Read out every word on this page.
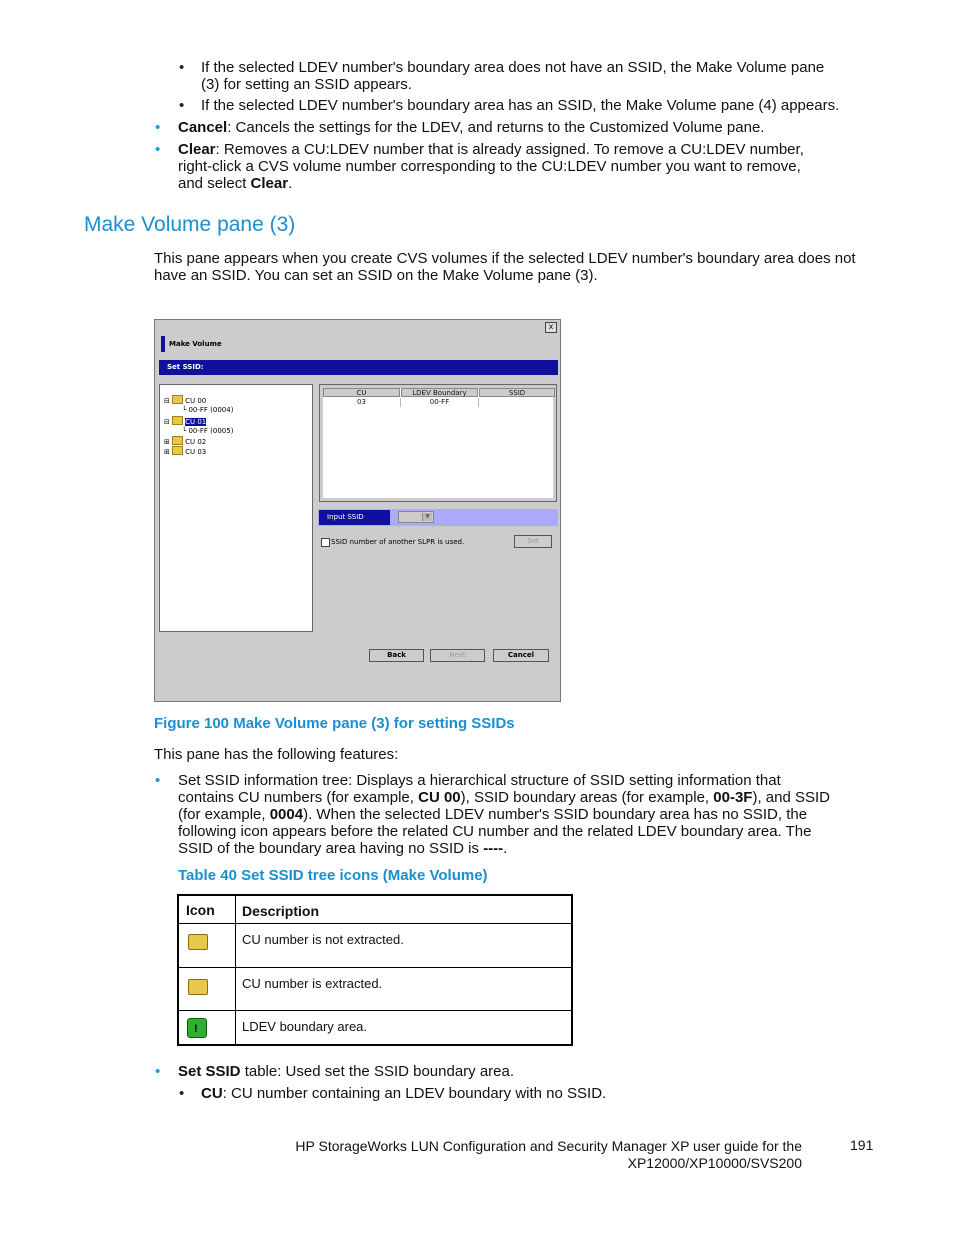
• If the selected LDEV number's boundary area does not have an SSID, the Make Volume pane
(3) for setting an SSID appears.
• If the selected LDEV number's boundary area has an SSID, the Make Volume pane (4) appears.
• Cancel: Cancels the settings for the LDEV, and returns to the Customized Volume pane.
• Clear: Removes a CU:LDEV number that is already assigned. To remove a CU:LDEV number,
right-click a CVS volume number corresponding to the CU:LDEV number you want to remove,
and select Clear.
Make Volume pane (3)
This pane appears when you create CVS volumes if the selected LDEV number's boundary area does not
have an SSID. You can set an SSID on the Make Volume pane (3).
x
Make Volume
Set SSID:
⊟ CU 00
└ 00-FF (0004)
⊟ CU 01
└ 00-FF (0005)
⊞ CU 02
⊞ CU 03
CU	LDEV Boundary	SSID
03	00-FF
Input SSID	▼
SSID number of another SLPR is used.	Set
Back	Next	Cancel
Figure 100 Make Volume pane (3) for setting SSIDs
This pane has the following features:
• Set SSID information tree: Displays a hierarchical structure of SSID setting information that
contains CU numbers (for example, CU 00), SSID boundary areas (for example, 00-3F), and SSID
(for example, 0004). When the selected LDEV number's SSID boundary area has no SSID, the
following icon appears before the related CU number and the related LDEV boundary area. The
SSID of the boundary area having no SSID is ----.
Table 40 Set SSID tree icons (Make Volume)
Icon Description
CU number is not extracted.
CU number is extracted.
!
LDEV boundary area.
• Set SSID table: Used set the SSID boundary area.
• CU: CU number containing an LDEV boundary with no SSID.
HP StorageWorks LUN Configuration and Security Manager XP user guide for the
XP12000/XP10000/SVS200
191
